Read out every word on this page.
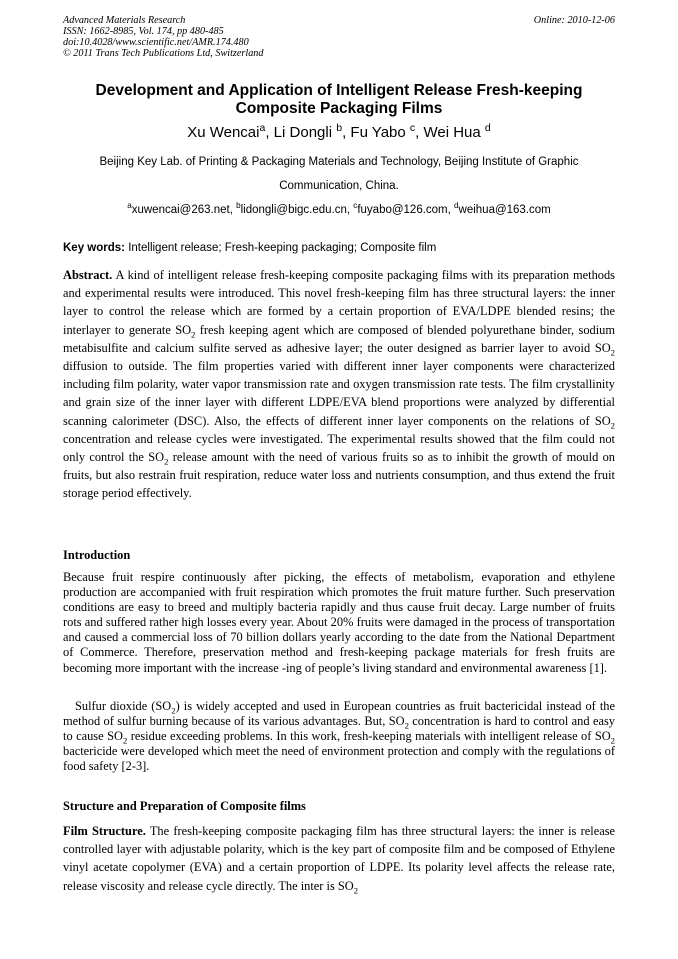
Advanced Materials Research
ISSN: 1662-8985, Vol. 174, pp 480-485
doi:10.4028/www.scientific.net/AMR.174.480
© 2011 Trans Tech Publications Ltd, Switzerland
Online: 2010-12-06
Development and Application of Intelligent Release Fresh-keeping
Composite Packaging Films
Xu Wencai$^a$, Li Dongli $^b$, Fu Yabo $^c$, Wei Hua $^d$
Beijing Key Lab. of Printing & Packaging Materials and Technology, Beijing Institute of Graphic Communication, China.
$^a$xuwencai@263.net, $^b$lidongli@bigc.edu.cn, $^c$fuyabo@126.com, $^d$weihua@163.com
Key words: Intelligent release; Fresh-keeping packaging; Composite film
Abstract. A kind of intelligent release fresh-keeping composite packaging films with its preparation methods and experimental results were introduced. This novel fresh-keeping film has three structural layers: the inner layer to control the release which are formed by a certain proportion of EVA/LDPE blended resins; the interlayer to generate $SO_2$ fresh keeping agent which are composed of blended polyurethane binder, sodium metabisulfite and calcium sulfite served as adhesive layer; the outer designed as barrier layer to avoid $SO_2$ diffusion to outside. The film properties varied with different inner layer components were characterized including film polarity, water vapor transmission rate and oxygen transmission rate tests. The film crystallinity and grain size of the inner layer with different LDPE/EVA blend proportions were analyzed by differential scanning calorimeter (DSC). Also, the effects of different inner layer components on the relations of $SO_2$ concentration and release cycles were investigated. The experimental results showed that the film could not only control the $SO_2$ release amount with the need of various fruits so as to inhibit the growth of mould on fruits, but also restrain fruit respiration, reduce water loss and nutrients consumption, and thus extend the fruit storage period effectively.
Introduction
Because fruit respire continuously after picking, the effects of metabolism, evaporation and ethylene production are accompanied with fruit respiration which promotes the fruit mature further. Such preservation conditions are easy to breed and multiply bacteria rapidly and thus cause fruit decay. Large number of fruits rots and suffered rather high losses every year. About 20% fruits were damaged in the process of transportation and caused a commercial loss of 70 billion dollars yearly according to the date from the National Department of Commerce. Therefore, preservation method and fresh-keeping package materials for fresh fruits are becoming more important with the increase -ing of people’s living standard and environmental awareness [1].
Sulfur dioxide $(SO_2)$ is widely accepted and used in European countries as fruit bactericidal instead of the method of sulfur burning because of its various advantages. But, $SO_2$ concentration is hard to control and easy to cause $SO_2$ residue exceeding problems. In this work, fresh-keeping materials with intelligent release of $SO_2$ bactericide were developed which meet the need of environment protection and comply with the regulations of food safety [2-3].
Structure and Preparation of Composite films
Film Structure. The fresh-keeping composite packaging film has three structural layers: the inner is release controlled layer with adjustable polarity, which is the key part of composite film and be composed of Ethylene vinyl acetate copolymer (EVA) and a certain proportion of LDPE. Its polarity level affects the release rate, release viscosity and release cycle directly. The inter is $SO_2$
